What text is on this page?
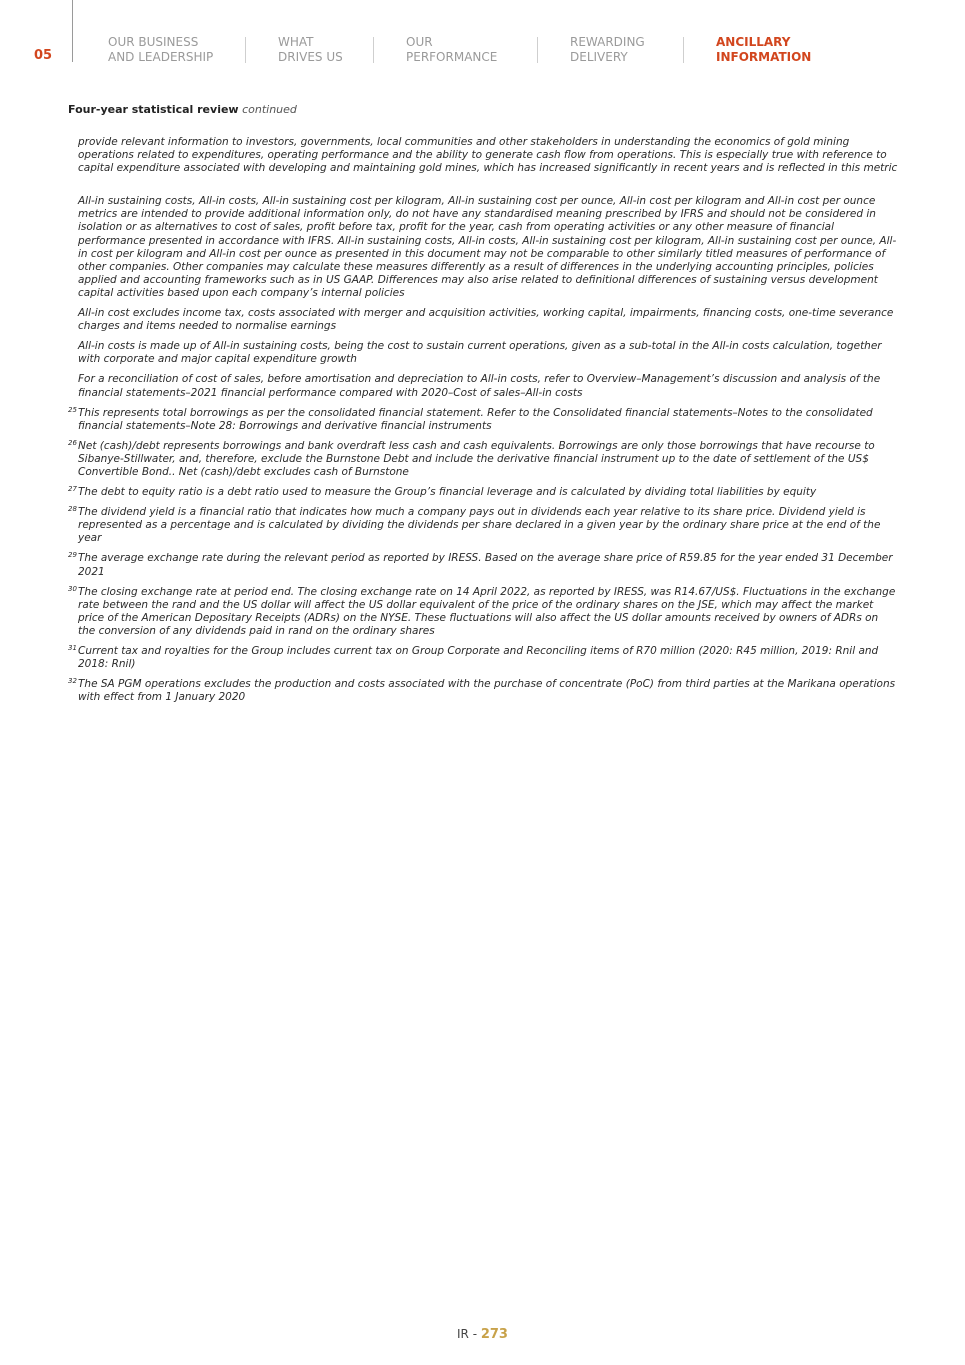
05
OUR BUSINESS
AND LEADERSHIP
WHAT
DRIVES US
OUR
PERFORMANCE
REWARDING
DELIVERY
ANCILLARY
INFORMATION
Four-year statistical review continued

provide relevant information to investors, governments, local communities and other stakeholders in understanding the economics of gold mining operations related to expenditures, operating performance and the ability to generate cash flow from operations. This is especially true with reference to capital expenditure associated with developing and maintaining gold mines, which has increased significantly in recent years and is reflected in this metric

All-in sustaining costs, All-in costs, All-in sustaining cost per kilogram, All-in sustaining cost per ounce, All-in cost per kilogram and All-in cost per ounce metrics are intended to provide additional information only, do not have any standardised meaning prescribed by IFRS and should not be considered in isolation or as alternatives to cost of sales, profit before tax, profit for the year, cash from operating activities or any other measure of financial performance presented in accordance with IFRS. All-in sustaining costs, All-in costs, All-in sustaining cost per kilogram, All-in sustaining cost per ounce, All-in cost per kilogram and All-in cost per ounce as presented in this document may not be comparable to other similarly titled measures of performance of other companies. Other companies may calculate these measures differently as a result of differences in the underlying accounting principles, policies applied and accounting frameworks such as in US GAAP. Differences may also arise related to definitional differences of sustaining versus development capital activities based upon each company’s internal policies

All-in cost excludes income tax, costs associated with merger and acquisition activities, working capital, impairments, financing costs, one-time severance charges and items needed to normalise earnings

All-in costs is made up of All-in sustaining costs, being the cost to sustain current operations, given as a sub-total in the All-in costs calculation, together with corporate and major capital expenditure growth

For a reconciliation of cost of sales, before amortisation and depreciation to All-in costs, refer to Overview–Management’s discussion and analysis of the financial statements–2021 financial performance compared with 2020–Cost of sales–All-in costs

25 This represents total borrowings as per the consolidated financial statement. Refer to the Consolidated financial statements–Notes to the consolidated financial statements–Note 28: Borrowings and derivative financial instruments
26 Net (cash)/debt represents borrowings and bank overdraft less cash and cash equivalents. Borrowings are only those borrowings that have recourse to Sibanye-Stillwater, and, therefore, exclude the Burnstone Debt and include the derivative financial instrument up to the date of settlement of the US$ Convertible Bond.. Net (cash)/debt excludes cash of Burnstone
27 The debt to equity ratio is a debt ratio used to measure the Group’s financial leverage and is calculated by dividing total liabilities by equity
28 The dividend yield is a financial ratio that indicates how much a company pays out in dividends each year relative to its share price. Dividend yield is represented as a percentage and is calculated by dividing the dividends per share declared in a given year by the ordinary share price at the end of the year
29 The average exchange rate during the relevant period as reported by IRESS. Based on the average share price of R59.85 for the year ended 31 December 2021
30 The closing exchange rate at period end. The closing exchange rate on 14 April 2022, as reported by IRESS, was R14.67/US$. Fluctuations in the exchange rate between the rand and the US dollar will affect the US dollar equivalent of the price of the ordinary shares on the JSE, which may affect the market price of the American Depositary Receipts (ADRs) on the NYSE. These fluctuations will also affect the US dollar amounts received by owners of ADRs on the conversion of any dividends paid in rand on the ordinary shares
31 Current tax and royalties for the Group includes current tax on Group Corporate and Reconciling items of R70 million (2020: R45 million, 2019: Rnil and 2018: Rnil)
32 The SA PGM operations excludes the production and costs associated with the purchase of concentrate (PoC) from third parties at the Marikana operations with effect from 1 January 2020
IR - 273
